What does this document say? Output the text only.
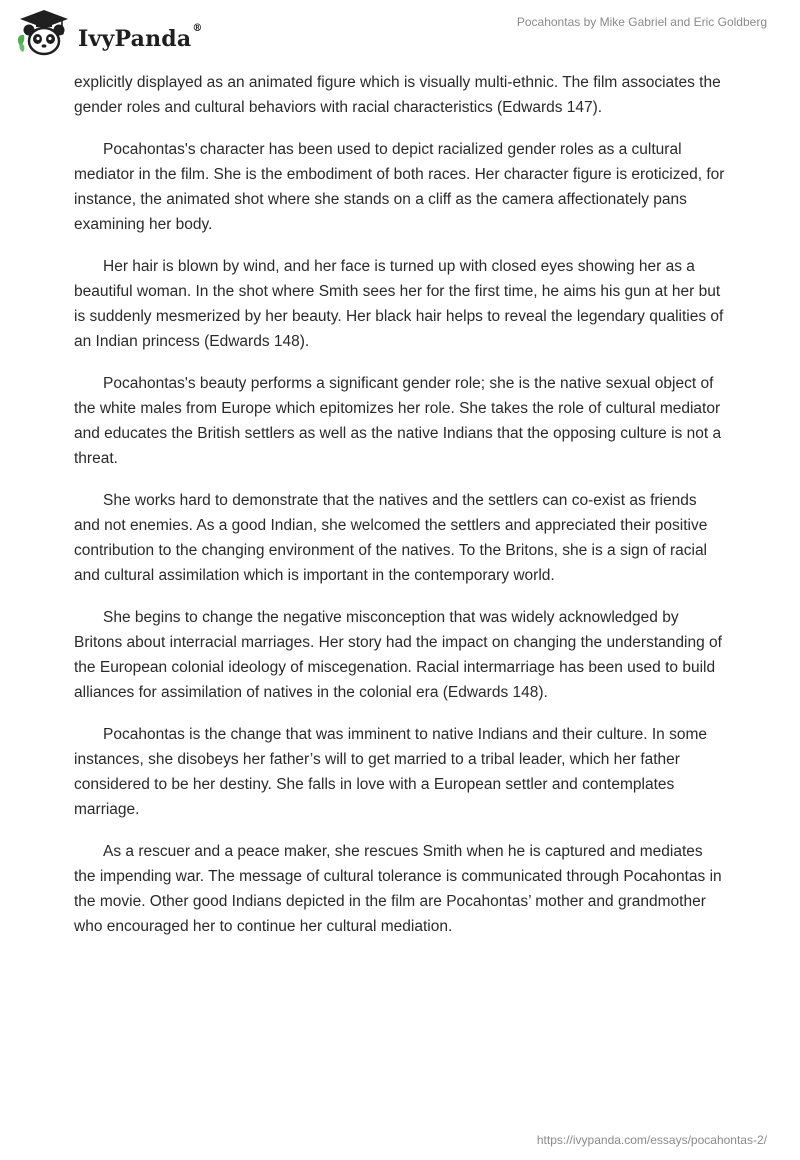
IvyPanda®	Pocahontas by Mike Gabriel and Eric Goldberg

explicitly displayed as an animated figure which is visually multi-ethnic. The film associates the gender roles and cultural behaviors with racial characteristics (Edwards 147).

Pocahontas's character has been used to depict racialized gender roles as a cultural mediator in the film. She is the embodiment of both races. Her character figure is eroticized, for instance, the animated shot where she stands on a cliff as the camera affectionately pans examining her body.

Her hair is blown by wind, and her face is turned up with closed eyes showing her as a beautiful woman. In the shot where Smith sees her for the first time, he aims his gun at her but is suddenly mesmerized by her beauty. Her black hair helps to reveal the legendary qualities of an Indian princess (Edwards 148).

Pocahontas's beauty performs a significant gender role; she is the native sexual object of the white males from Europe which epitomizes her role. She takes the role of cultural mediator and educates the British settlers as well as the native Indians that the opposing culture is not a threat.

She works hard to demonstrate that the natives and the settlers can co-exist as friends and not enemies. As a good Indian, she welcomed the settlers and appreciated their positive contribution to the changing environment of the natives. To the Britons, she is a sign of racial and cultural assimilation which is important in the contemporary world.

She begins to change the negative misconception that was widely acknowledged by Britons about interracial marriages. Her story had the impact on changing the understanding of the European colonial ideology of miscegenation. Racial intermarriage has been used to build alliances for assimilation of natives in the colonial era (Edwards 148).

Pocahontas is the change that was imminent to native Indians and their culture. In some instances, she disobeys her father’s will to get married to a tribal leader, which her father considered to be her destiny. She falls in love with a European settler and contemplates marriage.

As a rescuer and a peace maker, she rescues Smith when he is captured and mediates the impending war. The message of cultural tolerance is communicated through Pocahontas in the movie. Other good Indians depicted in the film are Pocahontas’ mother and grandmother who encouraged her to continue her cultural mediation.

https://ivypanda.com/essays/pocahontas-2/
